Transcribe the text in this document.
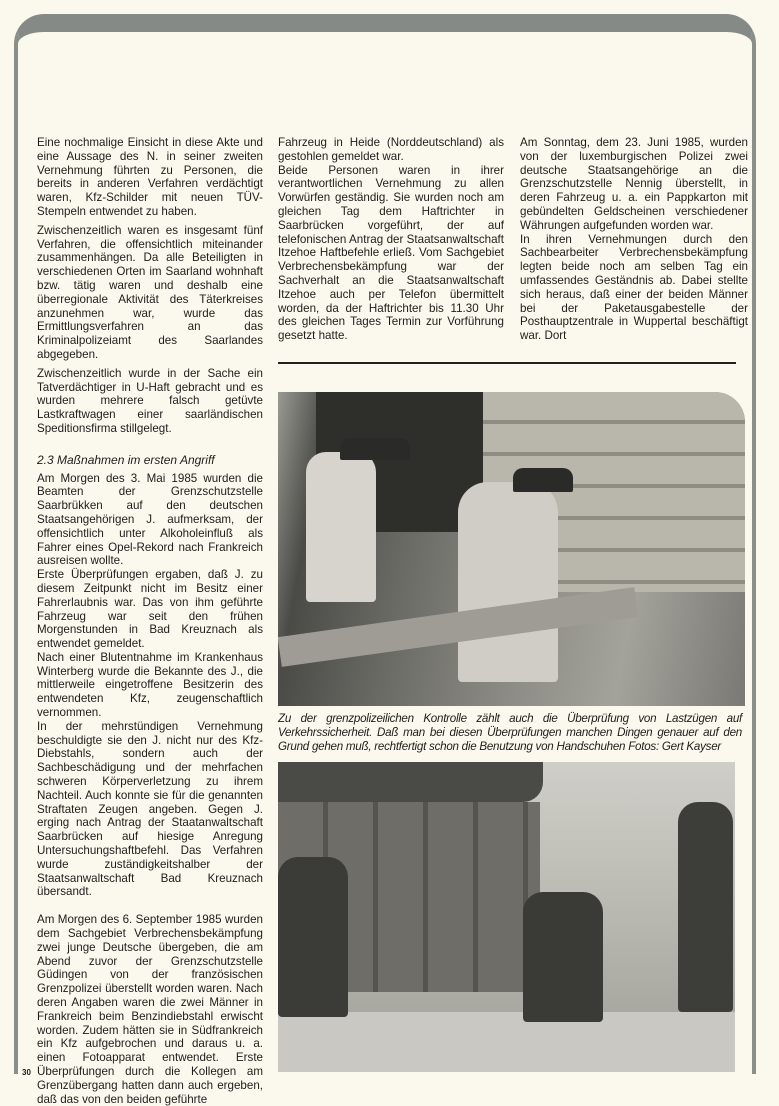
Eine nochmalige Einsicht in diese Akte und eine Aussage des N. in seiner zweiten Vernehmung führten zu Personen, die bereits in anderen Verfahren verdächtigt waren, Kfz-Schilder mit neuen TÜV-Stempeln entwendet zu haben.

Zwischenzeitlich waren es insgesamt fünf Verfahren, die offensichtlich miteinander zusammenhängen. Da alle Beteiligten in verschiedenen Orten im Saarland wohnhaft bzw. tätig waren und deshalb eine überregionale Aktivität des Täterkreises anzunehmen war, wurde das Ermittlungsverfahren an das Kriminalpolizeiamt des Saarlandes abgegeben.

Zwischenzeitlich wurde in der Sache ein Tatverdächtiger in U-Haft gebracht und es wurden mehrere falsch getüvte Lastkraftwagen einer saarländischen Speditionsfirma stillgelegt.

2.3 Maßnahmen im ersten Angriff

Am Morgen des 3. Mai 1985 wurden die Beamten der Grenzschutzstelle Saarbrükken auf den deutschen Staatsangehörigen J. aufmerksam, der offensichtlich unter Alkoholeinfluß als Fahrer eines Opel-Rekord nach Frankreich ausreisen wollte.

Erste Überprüfungen ergaben, daß J. zu diesem Zeitpunkt nicht im Besitz einer Fahrerlaubnis war. Das von ihm geführte Fahrzeug war seit den frühen Morgenstunden in Bad Kreuznach als entwendet gemeldet.

Nach einer Blutentnahme im Krankenhaus Winterberg wurde die Bekannte des J., die mittlerweile eingetroffene Besitzerin des entwendeten Kfz, zeugenschaftlich vernommen.

In der mehrstündigen Vernehmung beschuldigte sie den J. nicht nur des Kfz-Diebstahls, sondern auch der Sachbeschädigung und der mehrfachen schweren Körperverletzung zu ihrem Nachteil. Auch konnte sie für die genannten Straftaten Zeugen angeben. Gegen J. erging nach Antrag der Staatanwaltschaft Saarbrücken auf hiesige Anregung Untersuchungshaftbefehl. Das Verfahren wurde zuständigkeitshalber der Staatsanwaltschaft Bad Kreuznach übersandt.

Am Morgen des 6. September 1985 wurden dem Sachgebiet Verbrechensbekämpfung zwei junge Deutsche übergeben, die am Abend zuvor der Grenzschutzstelle Güdingen von der französischen Grenzpolizei überstellt worden waren. Nach deren Angaben waren die zwei Männer in Frankreich beim Benzindiebstahl erwischt worden. Zudem hätten sie in Südfrankreich ein Kfz aufgebrochen und daraus u. a. einen Fotoapparat entwendet. Erste Überprüfungen durch die Kollegen am Grenzübergang hatten dann auch ergeben, daß das von den beiden geführte

Fahrzeug in Heide (Norddeutschland) als gestohlen gemeldet war.

Beide Personen waren in ihrer verantwortlichen Vernehmung zu allen Vorwürfen geständig. Sie wurden noch am gleichen Tag dem Haftrichter in Saarbrücken vorgeführt, der auf telefonischen Antrag der Staatsanwaltschaft Itzehoe Haftbefehle erließ. Vom Sachgebiet Verbrechensbekämpfung war der Sachverhalt an die Staatsanwaltschaft Itzehoe auch per Telefon übermittelt worden, da der Haftrichter bis 11.30 Uhr des gleichen Tages Termin zur Vorführung gesetzt hatte.

Am Sonntag, dem 23. Juni 1985, wurden von der luxemburgischen Polizei zwei deutsche Staatsangehörige an die Grenzschutzstelle Nennig überstellt, in deren Fahrzeug u. a. ein Pappkarton mit gebündelten Geldscheinen verschiedener Währungen aufgefunden worden war.

In ihren Vernehmungen durch den Sachbearbeiter Verbrechensbekämpfung legten beide noch am selben Tag ein umfassendes Geständnis ab. Dabei stellte sich heraus, daß einer der beiden Männer bei der Paketausgabestelle der Posthauptzentrale in Wuppertal beschäftigt war. Dort

Zu der grenzpolizeilichen Kontrolle zählt auch die Überprüfung von Lastzügen auf Verkehrssicherheit. Daß man bei diesen Überprüfungen manchen Dingen genauer auf den Grund gehen muß, rechtfertigt schon die Benutzung von Handschuhen Fotos: Gert Kayser
30
